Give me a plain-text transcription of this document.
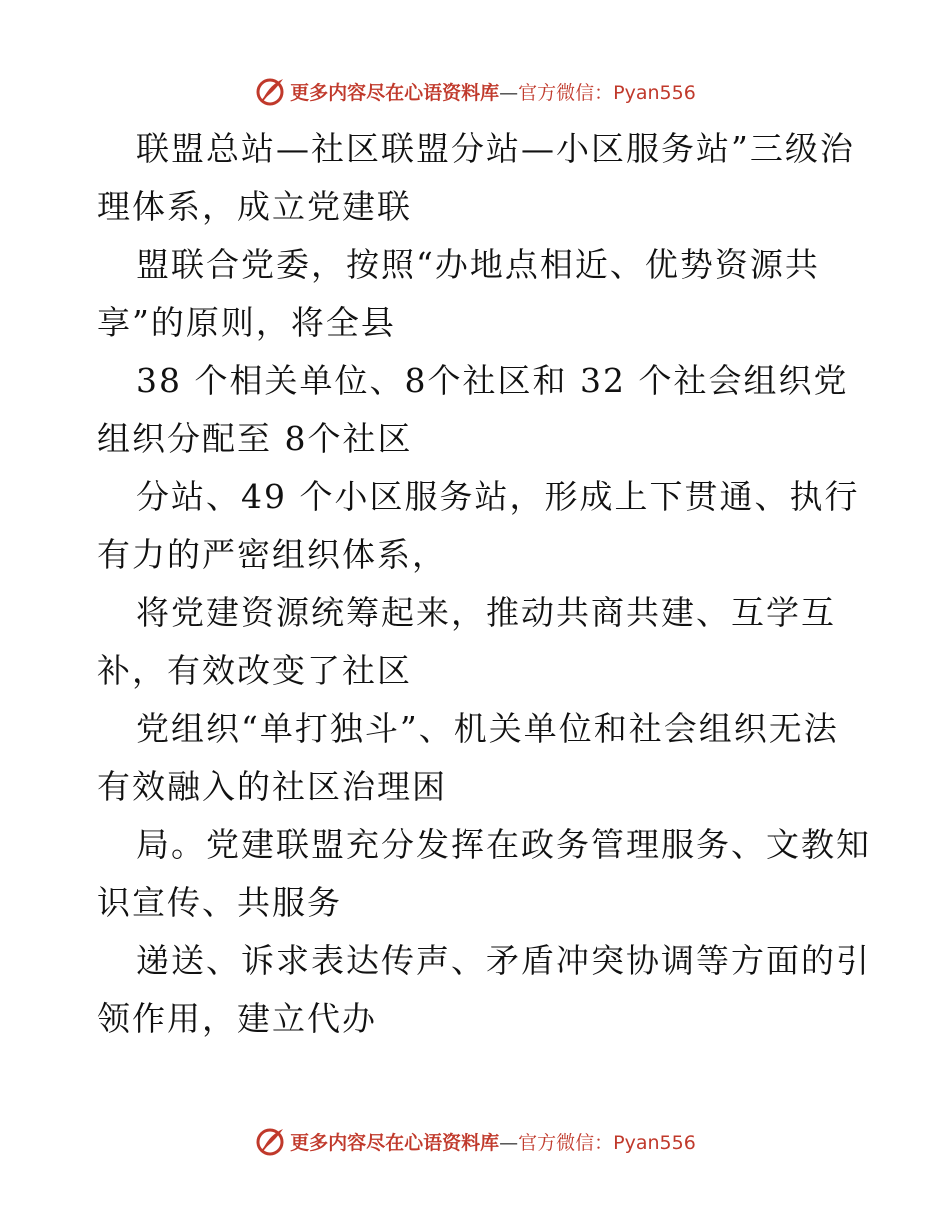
更多内容尽在心语资料库—官方微信：Pyan556

联盟总站—社区联盟分站—小区服务站”三级治
理体系，成立党建联

盟联合党委，按照“办地点相近、优势资源共
享”的原则，将全县

38 个相关单位、8个社区和 32 个社会组织党
组织分配至 8个社区

分站、49 个小区服务站，形成上下贯通、执行
有力的严密组织体系，

将党建资源统筹起来，推动共商共建、互学互
补，有效改变了社区

党组织“单打独斗”、机关单位和社会组织无法
有效融入的社区治理困

局。党建联盟充分发挥在政务管理服务、文教知
识宣传、共服务

递送、诉求表达传声、矛盾冲突协调等方面的引
领作用，建立代办

更多内容尽在心语资料库—官方微信：Pyan556
